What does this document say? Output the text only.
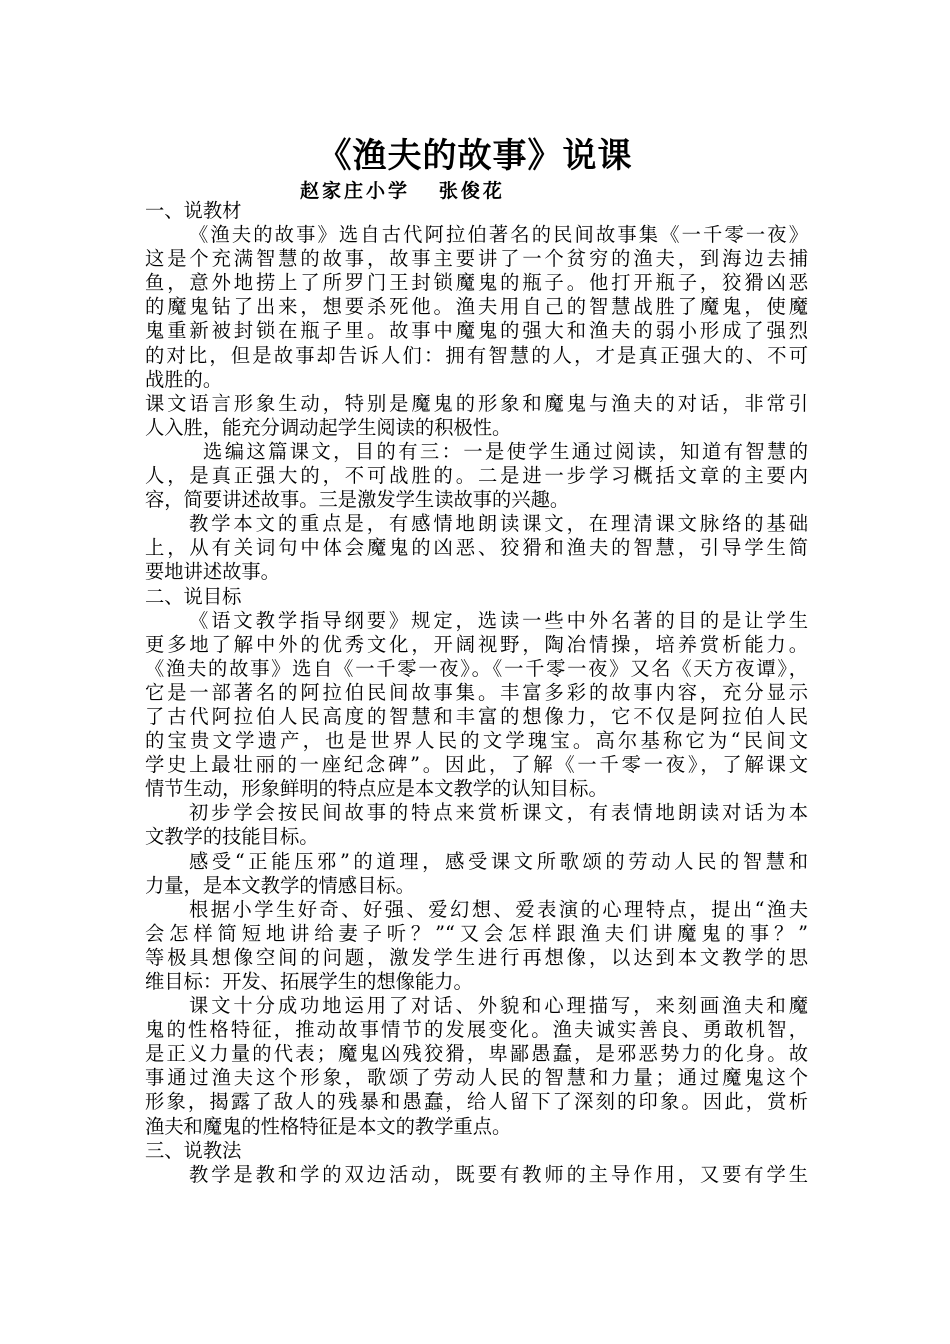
《渔夫的故事》说课
赵家庄小学   张俊花
一、说教材
《渔夫的故事》选自古代阿拉伯著名的民间故事集《一千零一夜》
这是个充满智慧的故事，故事主要讲了一个贫穷的渔夫，到海边去捕
鱼，意外地捞上了所罗门王封锁魔鬼的瓶子。他打开瓶子，狡猾凶恶
的魔鬼钻了出来，想要杀死他。渔夫用自己的智慧战胜了魔鬼，使魔
鬼重新被封锁在瓶子里。故事中魔鬼的强大和渔夫的弱小形成了强烈
的对比，但是故事却告诉人们：拥有智慧的人，才是真正强大的、不可
战胜的。
课文语言形象生动，特别是魔鬼的形象和魔鬼与渔夫的对话，非常引
人入胜，能充分调动起学生阅读的积极性。
选编这篇课文，目的有三：一是使学生通过阅读，知道有智慧的
人，是真正强大的，不可战胜的。二是进一步学习概括文章的主要内
容，简要讲述故事。三是激发学生读故事的兴趣。
教学本文的重点是，有感情地朗读课文，在理清课文脉络的基础
上，从有关词句中体会魔鬼的凶恶、狡猾和渔夫的智慧，引导学生简
要地讲述故事。
二、说目标
《语文教学指导纲要》规定，选读一些中外名著的目的是让学生
更多地了解中外的优秀文化，开阔视野，陶冶情操，培养赏析能力。
《渔夫的故事》选自《一千零一夜》。《一千零一夜》又名《天方夜谭》，
它是一部著名的阿拉伯民间故事集。丰富多彩的故事内容，充分显示
了古代阿拉伯人民高度的智慧和丰富的想像力，它不仅是阿拉伯人民
的宝贵文学遗产，也是世界人民的文学瑰宝。高尔基称它为“民间文
学史上最壮丽的一座纪念碑”。因此，了解《一千零一夜》，了解课文
情节生动，形象鲜明的特点应是本文教学的认知目标。
初步学会按民间故事的特点来赏析课文，有表情地朗读对话为本
文教学的技能目标。
感受“正能压邪”的道理，感受课文所歌颂的劳动人民的智慧和
力量，是本文教学的情感目标。
根据小学生好奇、好强、爱幻想、爱表演的心理特点，提出“渔夫
会怎样简短地讲给妻子听？”“又会怎样跟渔夫们讲魔鬼的事？”
等极具想像空间的问题，激发学生进行再想像，以达到本文教学的思
维目标：开发、拓展学生的想像能力。
课文十分成功地运用了对话、外貌和心理描写，来刻画渔夫和魔
鬼的性格特征，推动故事情节的发展变化。渔夫诚实善良、勇敢机智，
是正义力量的代表；魔鬼凶残狡猾，卑鄙愚蠢，是邪恶势力的化身。故
事通过渔夫这个形象，歌颂了劳动人民的智慧和力量；通过魔鬼这个
形象，揭露了敌人的残暴和愚蠢，给人留下了深刻的印象。因此，赏析
渔夫和魔鬼的性格特征是本文的教学重点。
三、说教法
教学是教和学的双边活动，既要有教师的主导作用，又要有学生
